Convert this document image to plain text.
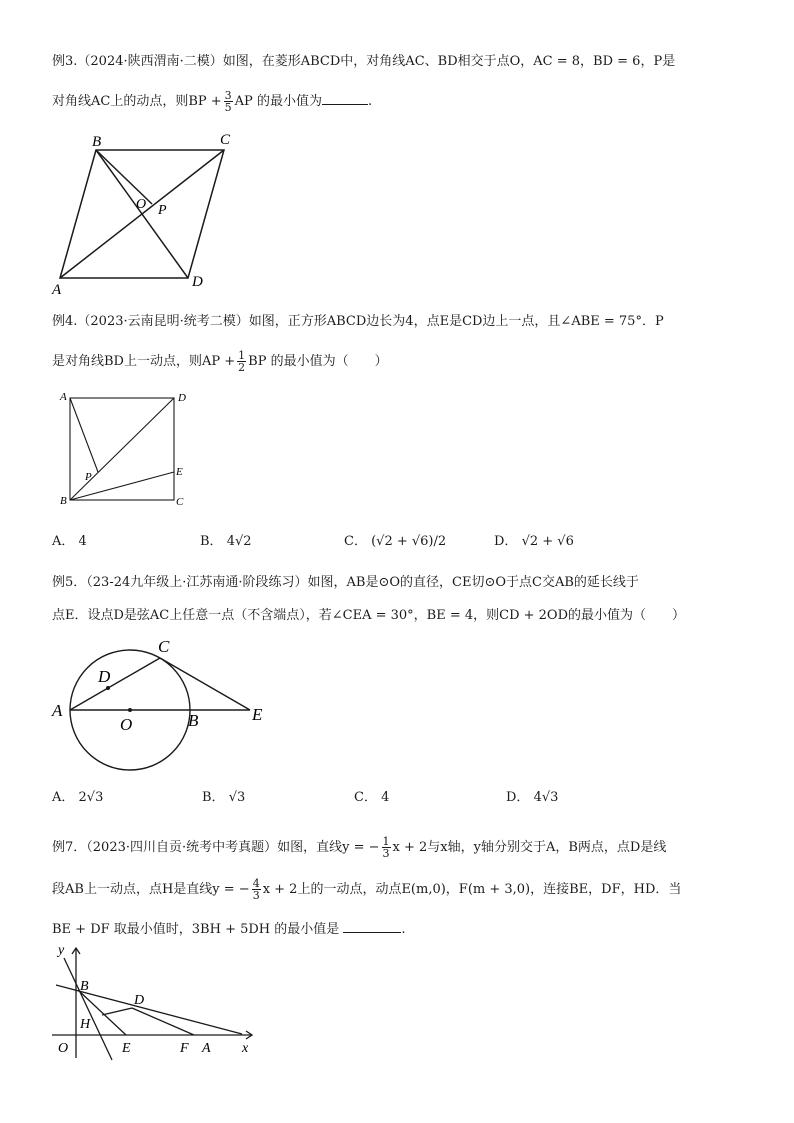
例3.（2024·陕西渭南·二模）如图，在菱形ABCD中，对角线AC、BD相交于点O，AC = 8，BD = 6，P是
对角线AC上的动点，则BP + $\frac{3}{5}$ AP 的最小值为	.
B	C
A	D
O P
例4.（2023·云南昆明·统考二模）如图，正方形ABCD边长为4，点E是CD边上一点，且∠ABE = 75°．P
是对角线BD上一动点，则AP + $\frac{1}{2}$ BP 的最小值为（　　）
A	D
B	C
E
P
A． 4	B． 4√2	C． (√2 + √6)/2	D． √2 + √6
例5．（23-24九年级上·江苏南通·阶段练习）如图，AB是⊙O的直径，CE切⊙O于点C交AB的延长线于
点E．设点D是弦AC上任意一点（不含端点），若∠CEA = 30°，BE = 4，则CD + 2OD的最小值为（　　）
A
C
D
O	B	E
A． 2√3	B． √3	C． 4	D． 4√3
例7．（2023·四川自贡·统考中考真题）如图，直线y = − $\frac{1}{3}$ x + 2与x轴，y轴分别交于A，B两点，点D是线
段AB上一动点，点H是直线y = − $\frac{4}{3}$ x + 2上的一动点，动点E(m,0)，F(m + 3,0)，连接BE，DF，HD．当
BE + DF 取最小值时，3BH + 5DH 的最小值是	.
y
x
O
B
D
H
E	F A
